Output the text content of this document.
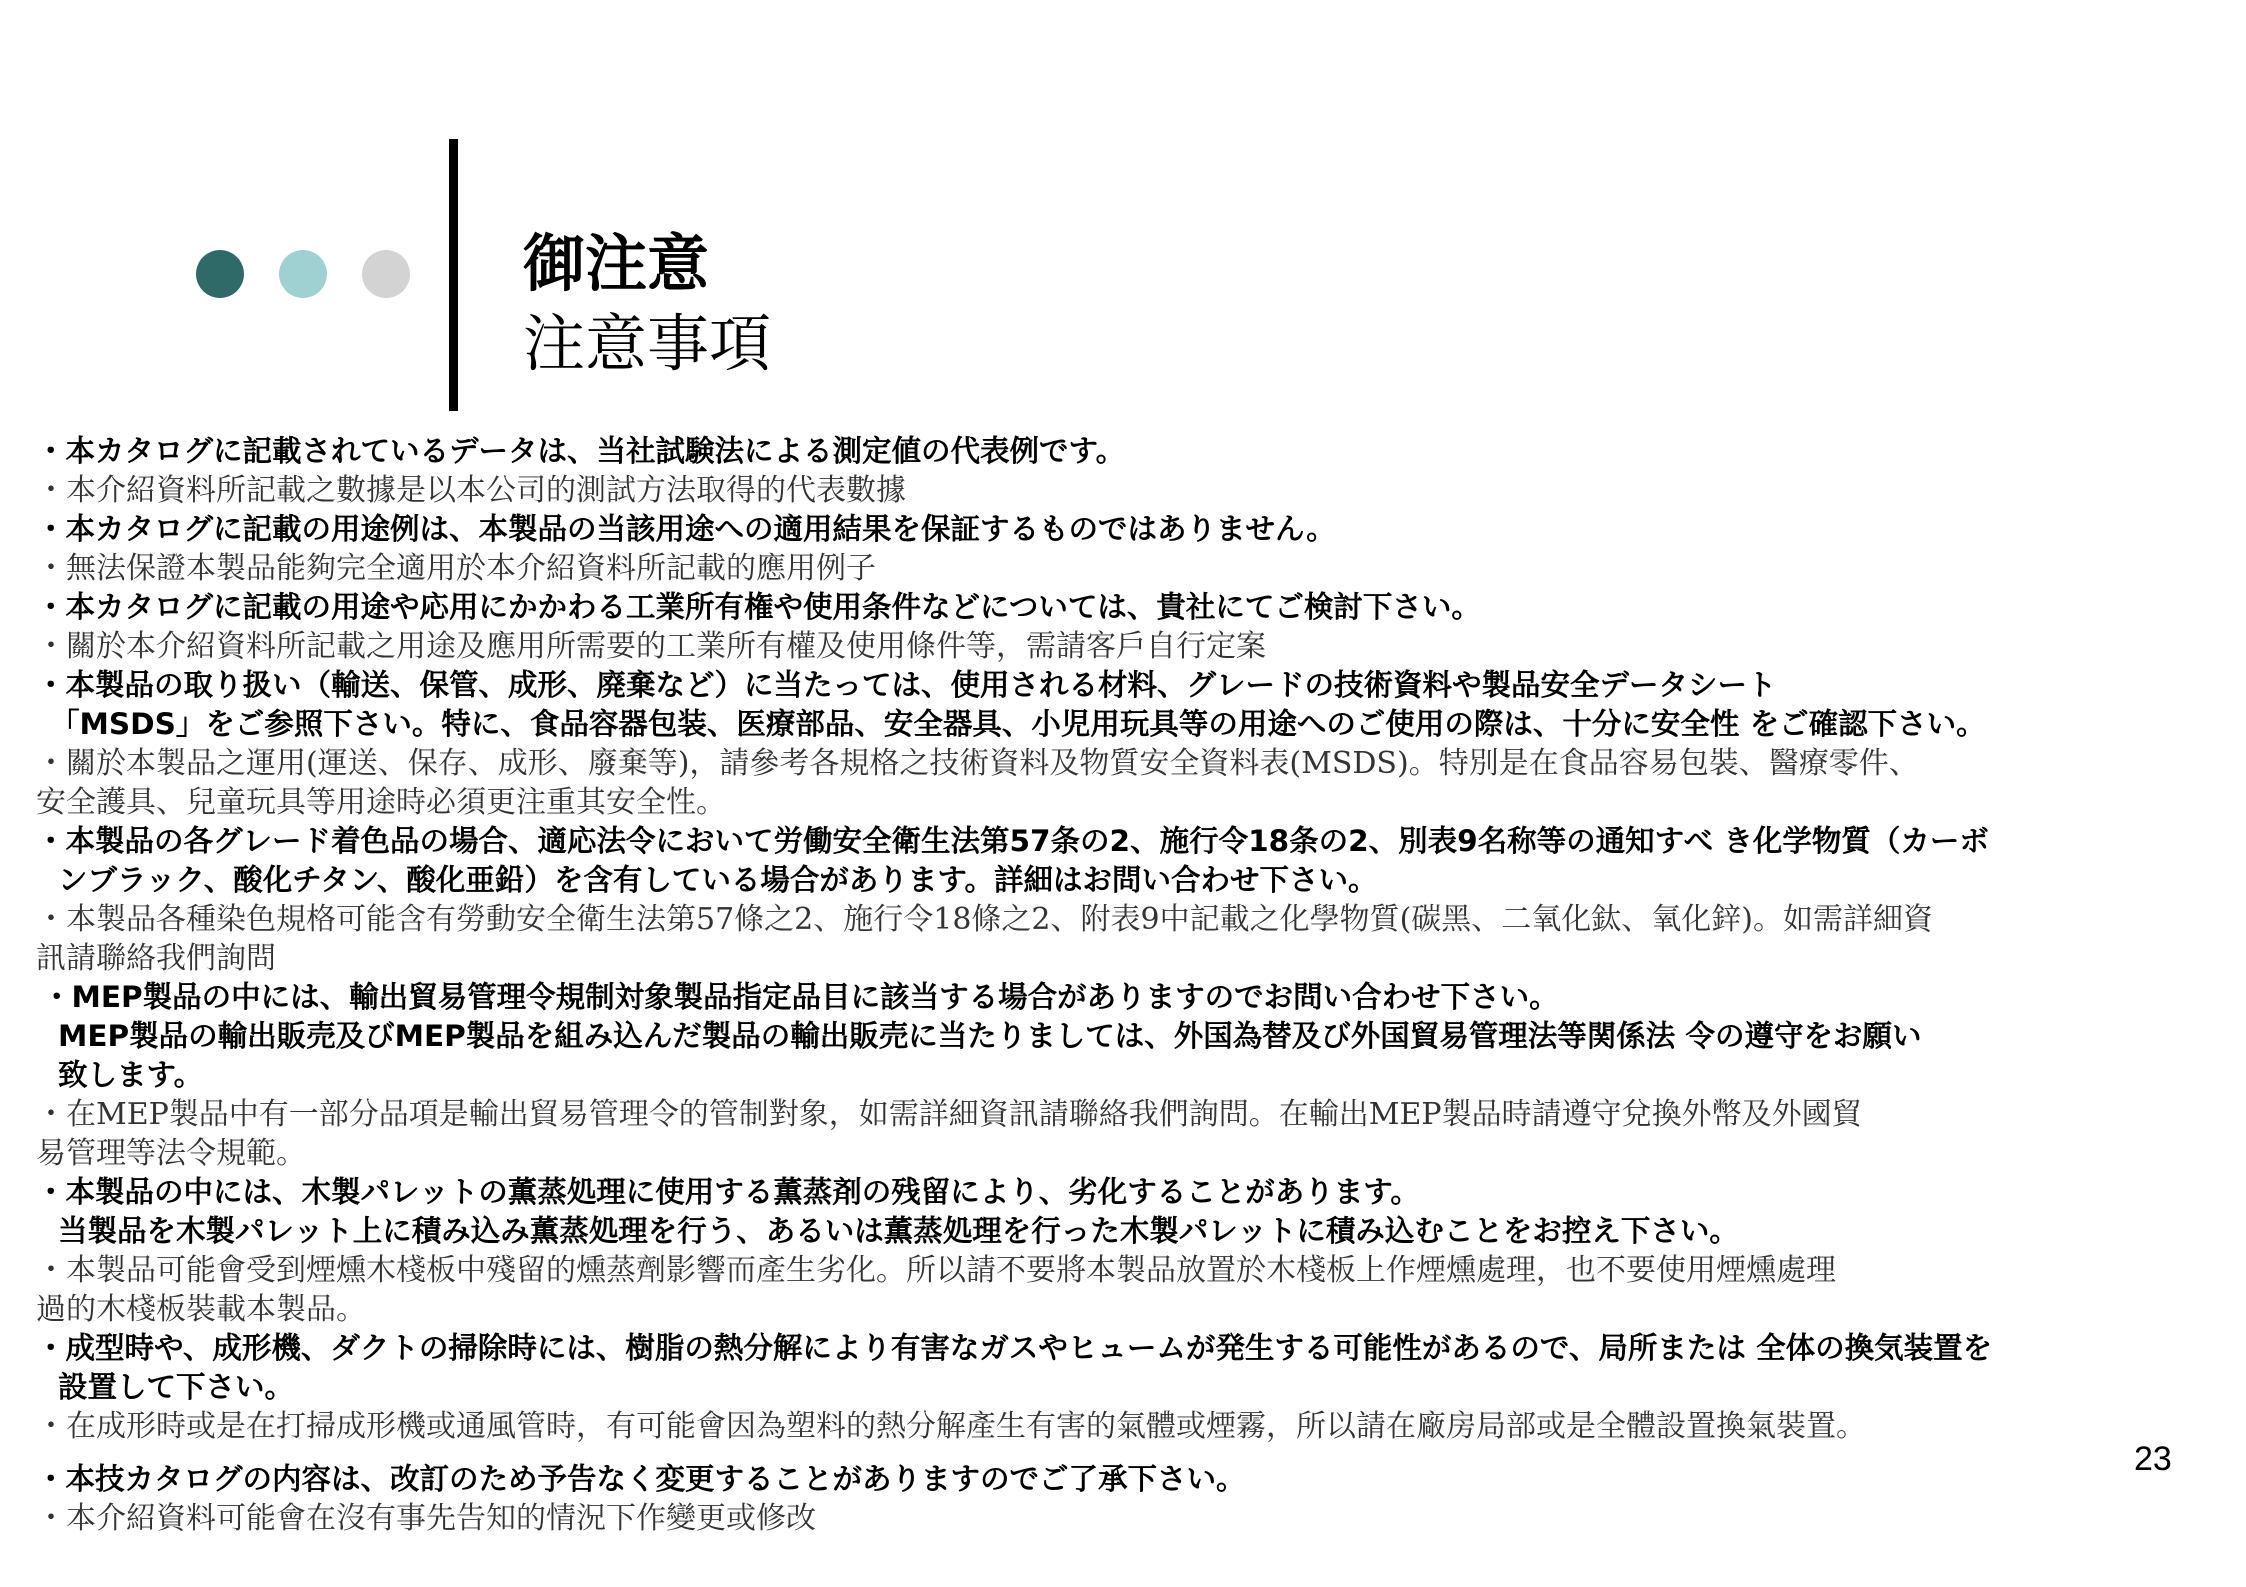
御注意
注意事項
・本カタログに記載されているデータは、当社試験法による測定値の代表例です。
・本介紹資料所記載之數據是以本公司的測試方法取得的代表數據
・本カタログに記載の用途例は、本製品の当該用途への適用結果を保証するものではありません。
・無法保證本製品能夠完全適用於本介紹資料所記載的應用例子
・本カタログに記載の用途や応用にかかわる工業所有権や使用条件などについては、貴社にてご検討下さい。
・關於本介紹資料所記載之用途及應用所需要的工業所有權及使用條件等，需請客戶自行定案
・本製品の取り扱い（輸送、保管、成形、廃棄など）に当たっては、使用される材料、グレードの技術資料や製品安全データシート
「MSDS」をご参照下さい。特に、食品容器包装、医療部品、安全器具、小児用玩具等の用途へのご使用の際は、十分に安全性 をご確認下さい。
・關於本製品之運用(運送、保存、成形、廢棄等)，請參考各規格之技術資料及物質安全資料表(MSDS)。特別是在食品容易包裝、醫療零件、
安全護具、兒童玩具等用途時必須更注重其安全性。
・本製品の各グレード着色品の場合、適応法令において労働安全衛生法第57条の2、施行令18条の2、別表9名称等の通知すべ き化学物質（カーボ
ンブラック、酸化チタン、酸化亜鉛）を含有している場合があります。詳細はお問い合わせ下さい。
・本製品各種染色規格可能含有勞動安全衛生法第57條之2、施行令18條之2、附表9中記載之化學物質(碳黑、二氧化鈦、氧化鋅)。如需詳細資
訊請聯絡我們詢問
・MEP製品の中には、輸出貿易管理令規制対象製品指定品目に該当する場合がありますのでお問い合わせ下さい。
MEP製品の輸出販売及びMEP製品を組み込んだ製品の輸出販売に当たりましては、外国為替及び外国貿易管理法等関係法 令の遵守をお願い
致します。
・在MEP製品中有一部分品項是輸出貿易管理令的管制對象，如需詳細資訊請聯絡我們詢問。在輸出MEP製品時請遵守兌換外幣及外國貿
易管理等法令規範。
・本製品の中には、木製パレットの薫蒸処理に使用する薫蒸剤の残留により、劣化することがあります。
当製品を木製パレット上に積み込み薫蒸処理を行う、あるいは薫蒸処理を行った木製パレットに積み込むことをお控え下さい。
・本製品可能會受到煙燻木棧板中殘留的燻蒸劑影響而產生劣化。所以請不要將本製品放置於木棧板上作煙燻處理，也不要使用煙燻處理
過的木棧板裝載本製品。
・成型時や、成形機、ダクトの掃除時には、樹脂の熱分解により有害なガスやヒュームが発生する可能性があるので、局所または 全体の換気装置を
設置して下さい。
・在成形時或是在打掃成形機或通風管時，有可能會因為塑料的熱分解產生有害的氣體或煙霧，所以請在廠房局部或是全體設置換氣裝置。
・本技カタログの内容は、改訂のため予告なく変更することがありますのでご了承下さい。
・本介紹資料可能會在沒有事先告知的情況下作變更或修改
23
